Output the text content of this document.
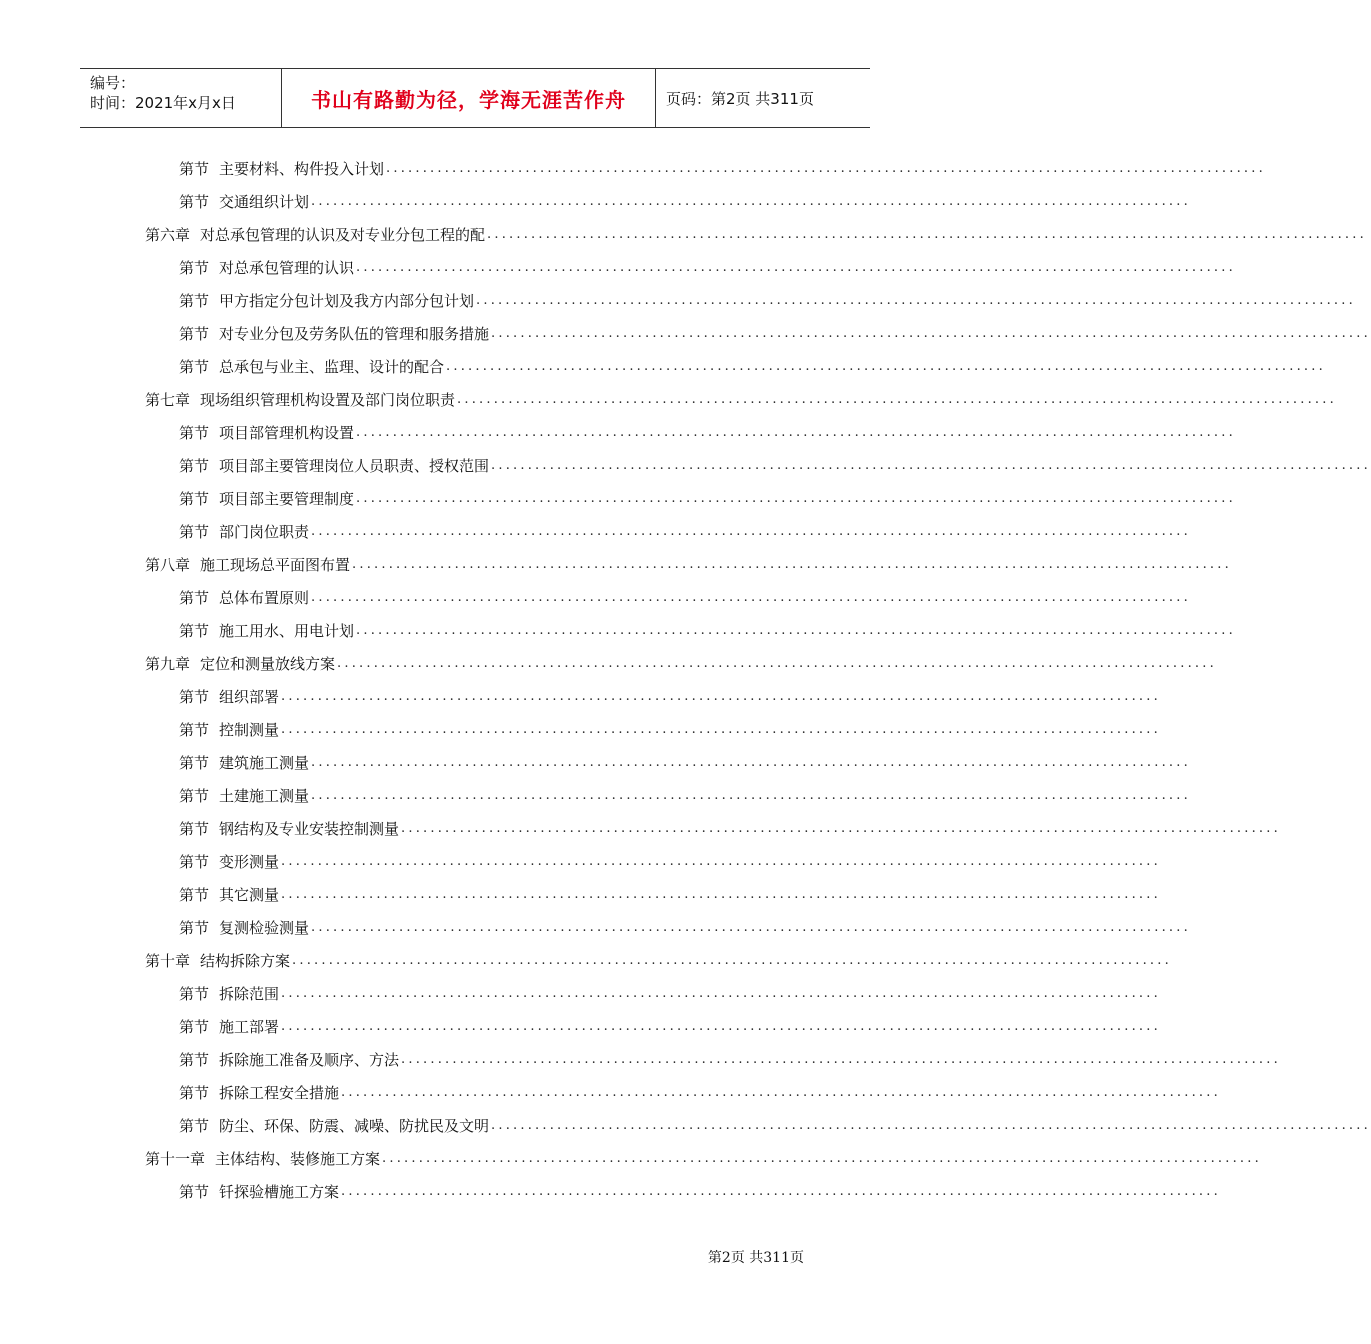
编号：
时间：2021年x月x日	书山有路勤为径，学海无涯苦作舟	页码：第2页 共311页
第节 主要材料、构件投入计划 ........................................................................................................................
第节 交通组织计划 ........................................................................................................................
第六章 对总承包管理的认识及对专业分包工程的配 ........................................................................................................................
第节 对总承包管理的认识 ........................................................................................................................
第节 甲方指定分包计划及我方内部分包计划 ........................................................................................................................
第节 对专业分包及劳务队伍的管理和服务措施 ........................................................................................................................
第节 总承包与业主、监理、设计的配合 ........................................................................................................................
第七章 现场组织管理机构设置及部门岗位职责 ........................................................................................................................
第节 项目部管理机构设置 ........................................................................................................................
第节 项目部主要管理岗位人员职责、授权范围 ........................................................................................................................
第节 项目部主要管理制度 ........................................................................................................................
第节 部门岗位职责 ........................................................................................................................
第八章 施工现场总平面图布置 ........................................................................................................................
第节 总体布置原则 ........................................................................................................................
第节 施工用水、用电计划 ........................................................................................................................
第九章 定位和测量放线方案 ........................................................................................................................
第节 组织部署 ........................................................................................................................
第节 控制测量 ........................................................................................................................
第节 建筑施工测量 ........................................................................................................................
第节 土建施工测量 ........................................................................................................................
第节 钢结构及专业安装控制测量 ........................................................................................................................
第节 变形测量 ........................................................................................................................
第节 其它测量 ........................................................................................................................
第节 复测检验测量 ........................................................................................................................
第十章 结构拆除方案 ........................................................................................................................
第节 拆除范围 ........................................................................................................................
第节 施工部署 ........................................................................................................................
第节 拆除施工准备及顺序、方法 ........................................................................................................................
第节 拆除工程安全措施 ........................................................................................................................
第节 防尘、环保、防震、减噪、防扰民及文明 ........................................................................................................................
第十一章 主体结构、装修施工方案 ........................................................................................................................
第节 钎探验槽施工方案 ........................................................................................................................
第2页 共311页
